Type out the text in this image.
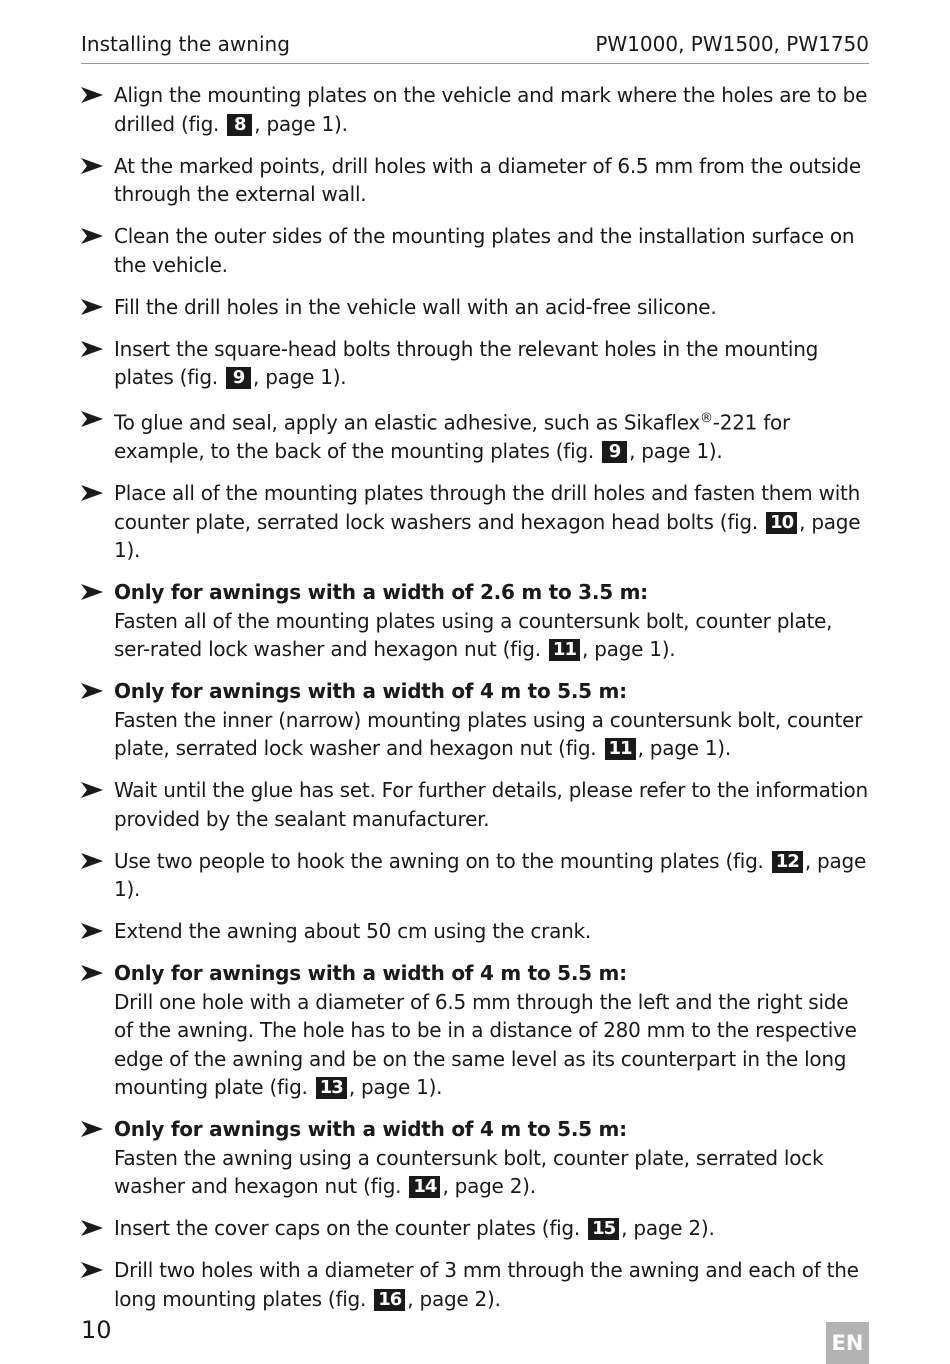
Installing the awning	PW1000, PW1500, PW1750
Align the mounting plates on the vehicle and mark where the holes are to be drilled (fig. 8 , page 1).
At the marked points, drill holes with a diameter of 6.5 mm from the outside through the external wall.
Clean the outer sides of the mounting plates and the installation surface on the vehicle.
Fill the drill holes in the vehicle wall with an acid-free silicone.
Insert the square-head bolts through the relevant holes in the mounting plates (fig. 9 , page 1).
To glue and seal, apply an elastic adhesive, such as Sikaflex®-221 for example, to the back of the mounting plates (fig. 9 , page 1).
Place all of the mounting plates through the drill holes and fasten them with counter plate, serrated lock washers and hexagon head bolts (fig. 10 , page 1).
Only for awnings with a width of 2.6 m to 3.5 m:
Fasten all of the mounting plates using a countersunk bolt, counter plate, ser-rated lock washer and hexagon nut (fig. 11 , page 1).
Only for awnings with a width of 4 m to 5.5 m:
Fasten the inner (narrow) mounting plates using a countersunk bolt, counter plate, serrated lock washer and hexagon nut (fig. 11 , page 1).
Wait until the glue has set. For further details, please refer to the information provided by the sealant manufacturer.
Use two people to hook the awning on to the mounting plates (fig. 12 , page 1).
Extend the awning about 50 cm using the crank.
Only for awnings with a width of 4 m to 5.5 m:
Drill one hole with a diameter of 6.5 mm through the left and the right side of the awning. The hole has to be in a distance of 280 mm to the respective edge of the awning and be on the same level as its counterpart in the long mounting plate (fig. 13 , page 1).
Only for awnings with a width of 4 m to 5.5 m:
Fasten the awning using a countersunk bolt, counter plate, serrated lock washer and hexagon nut (fig. 14 , page 2).
Insert the cover caps on the counter plates (fig. 15 , page 2).
Drill two holes with a diameter of 3 mm through the awning and each of the long mounting plates (fig. 16 , page 2).
10	EN
